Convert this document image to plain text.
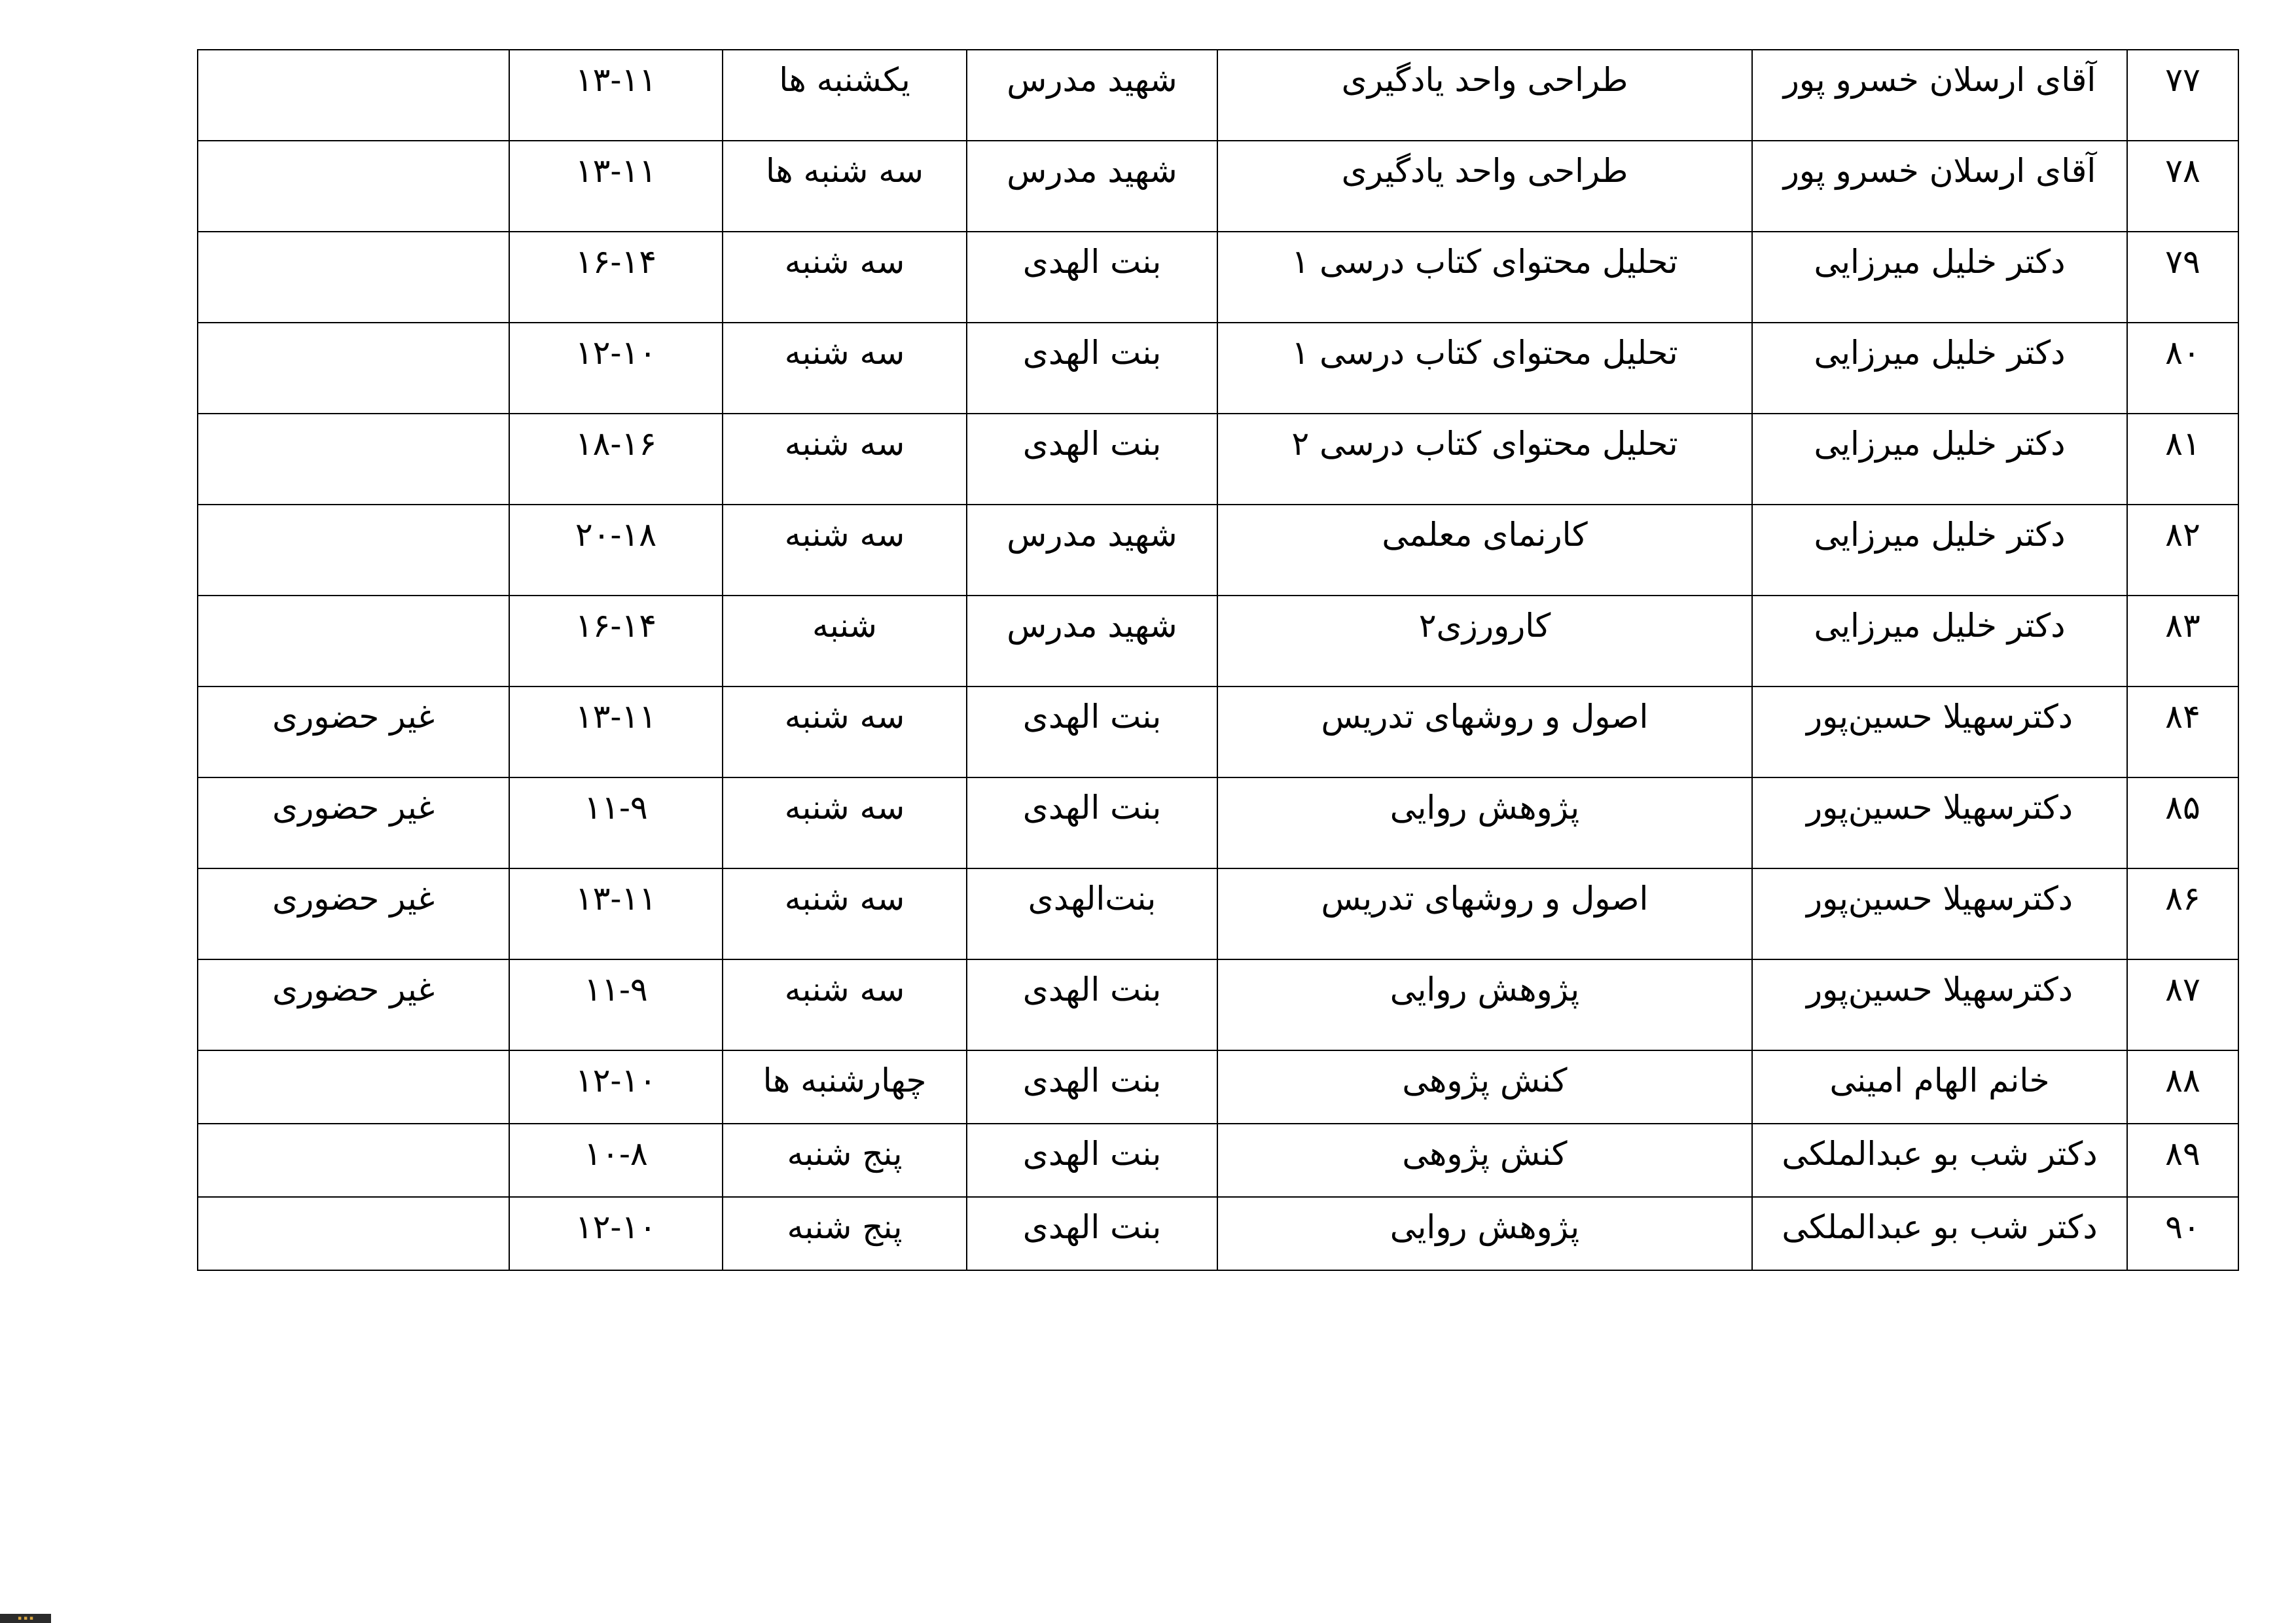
۷۷	آقای ارسلان خسرو پور	طراحی واحد یادگیری	شهید مدرس	یکشنبه ها	۱۳-۱۱	
۷۸	آقای ارسلان خسرو پور	طراحی واحد یادگیری	شهید مدرس	سه شنبه ها	۱۳-۱۱	
۷۹	دکتر خلیل میرزایی	تحلیل محتوای کتاب درسی ۱	بنت الهدی	سه شنبه	۱۶-۱۴	
۸۰	دکتر خلیل میرزایی	تحلیل محتوای کتاب درسی ۱	بنت الهدی	سه شنبه	۱۲-۱۰	
۸۱	دکتر خلیل میرزایی	تحلیل محتوای کتاب درسی ۲	بنت الهدی	سه شنبه	۱۸-۱۶	
۸۲	دکتر خلیل میرزایی	کارنمای معلمی	شهید مدرس	سه شنبه	۲۰-۱۸	
۸۳	دکتر خلیل میرزایی	کارورزی۲	شهید مدرس	شنبه	۱۶-۱۴	
۸۴	دکترسهیلا حسین‌پور	اصول و روشهای تدریس	بنت الهدی	سه شنبه	۱۳-۱۱	غیر حضوری
۸۵	دکترسهیلا حسین‌پور	پژوهش روایی	بنت الهدی	سه شنبه	۱۱-۹	غیر حضوری
۸۶	دکترسهیلا حسین‌پور	اصول و روشهای تدریس	بنت‌الهدی	سه شنبه	۱۳-۱۱	غیر حضوری
۸۷	دکترسهیلا حسین‌پور	پژوهش روایی	بنت الهدی	سه شنبه	۱۱-۹	غیر حضوری
۸۸	خانم الهام امینی	کنش پژوهی	بنت الهدی	چهارشنبه ها	۱۲-۱۰	
۸۹	دکتر شب بو عبدالملکی	کنش پژوهی	بنت الهدی	پنج شنبه	۱۰-۸	
۹۰	دکتر شب بو عبدالملکی	پژوهش روایی	بنت الهدی	پنج شنبه	۱۲-۱۰	
▪ ▪ ▪
